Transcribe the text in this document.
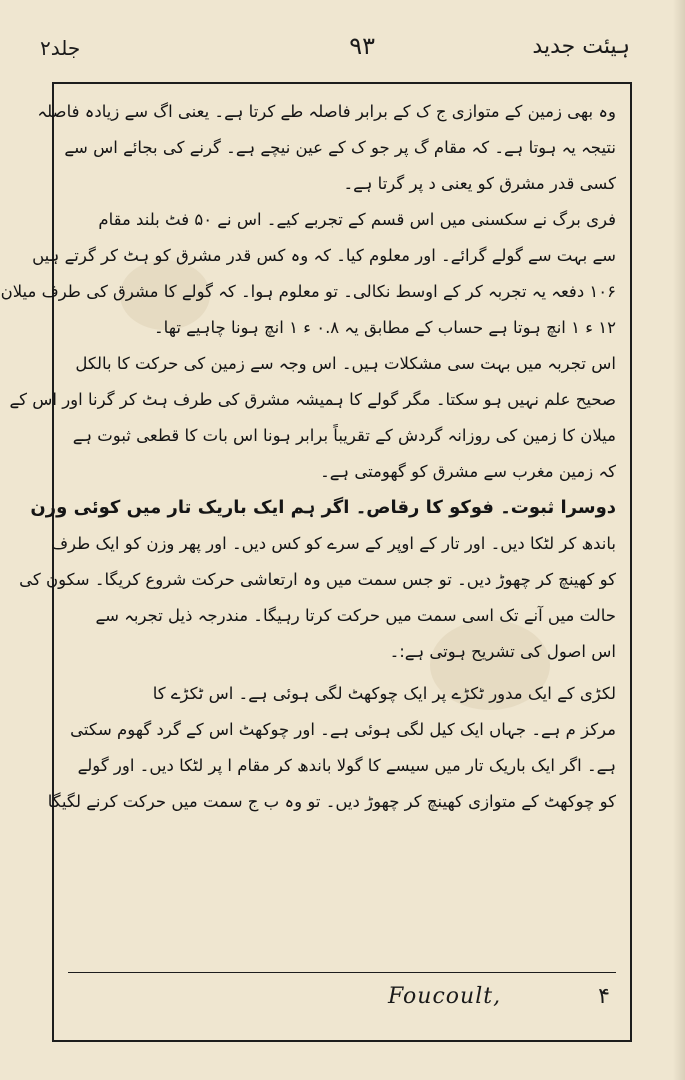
ہیئت جدید
۹۳
جلد۲
وہ بھی زمین کے متوازی ج ک کے برابر فاصلہ طے کرتا ہے۔ یعنی اگ سے زیادہ فاصلہ
نتیجہ یہ ہوتا ہے۔ کہ مقام گ پر جو ک کے عین نیچے ہے۔ گرنے کی بجائے اس سے
کسی قدر مشرق کو یعنی د پر گرتا ہے۔
فری برگ نے سکسنی میں اس قسم کے تجربے کیے۔ اس نے ۵۰ فٹ بلند مقام
سے بہت سے گولے گرائے۔ اور معلوم کیا۔ کہ وہ کس قدر مشرق کو ہٹ کر گرتے ہیں
۱۰۶ دفعہ یہ تجربہ کر کے اوسط نکالی۔ تو معلوم ہوا۔ کہ گولے کا مشرق کی طرف میلان
۱۲ ء ۱ انچ ہوتا ہے حساب کے مطابق یہ ۰.۸ ء ۱ انچ ہونا چاہیے تھا۔
اس تجربہ میں بہت سی مشکلات ہیں۔ اس وجہ سے زمین کی حرکت کا بالکل
صحیح علم نہیں ہو سکتا۔ مگر گولے کا ہمیشہ مشرق کی طرف ہٹ کر گرنا اور اس کے
میلان کا زمین کی روزانہ گردش کے تقریباً برابر ہونا اس بات کا قطعی ثبوت ہے
کہ زمین مغرب سے مشرق کو گھومتی ہے۔
دوسرا ثبوت۔ فوکو کا رقاص۔ اگر ہم ایک باریک تار میں کوئی وزن
باندھ کر لٹکا دیں۔ اور تار کے اوپر کے سرے کو کس دیں۔ اور پھر وزن کو ایک طرف
کو کھینچ کر چھوڑ دیں۔ تو جس سمت میں وہ ارتعاشی حرکت شروع کریگا۔ سکون کی
حالت میں آنے تک اسی سمت میں حرکت کرتا رہیگا۔ مندرجہ ذیل تجربہ سے
اس اصول کی تشریح ہوتی ہے:۔
لکڑی کے ایک مدور ٹکڑے پر ایک چوکھٹ لگی ہوئی ہے۔ اس ٹکڑے کا
مرکز م ہے۔ جہاں ایک کیل لگی ہوئی ہے۔ اور چوکھٹ اس کے گرد گھوم سکتی
ہے۔ اگر ایک باریک تار میں سیسے کا گولا باندھ کر مقام ا پر لٹکا دیں۔ اور گولے
کو چوکھٹ کے متوازی کھینچ کر چھوڑ دیں۔ تو وہ ب ج سمت میں حرکت کرنے لگیگا
Foucoult,	۴
